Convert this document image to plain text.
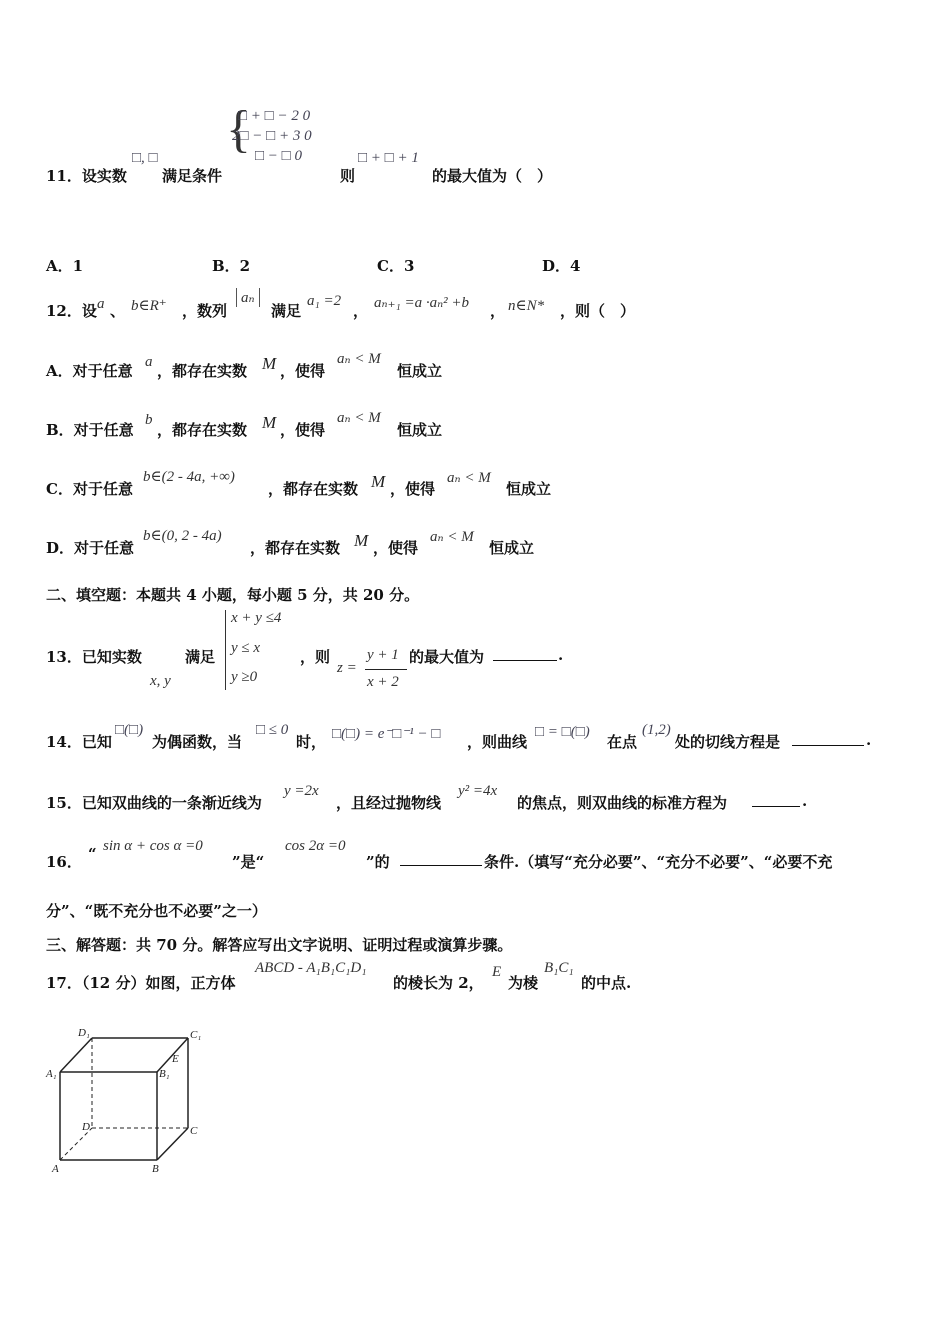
{
□ + □ − 2 0
2□ − □ + 3 0
□ − □ 0
11．设实数
□, □
满足条件	则
□ + □ + 1
的最大值为（　）
A．1	B．2	C．3	D．4
12．设 a 、 b∈R⁺ ，数列
aₙ
满足
a₁ =2
， aₙ₊₁ =a ·aₙ² +b ， n∈N* ，则（　）
A．对于任意 a ，都存在实数 M ，使得
aₙ < M
恒成立
B．对于任意
b
，都存在实数 M ，使得
aₙ < M
恒成立
C．对于任意
b∈(2 - 4a, +∞)
，都存在实数 M ，使得
aₙ < M
恒成立
D．对于任意
b∈(0, 2 - 4a)
，都存在实数 M ，使得
aₙ < M
恒成立
二、填空题：本题共 4 小题，每小题 5 分，共 20 分。
13．已知实数
x, y
满足
x + y ≤4
y ≤ x
y ≥0
，则
z =
y + 1
x + 2
的最大值为	.
14．已知
□(□)
为偶函数，当
□ ≤ 0
时， □(□) = e⁻□⁻¹ − □ ，则曲线
□ = □(□)
在点
(1,2)
处的切线方程是	.
15．已知双曲线的一条渐近线为
y =2x
，且经过抛物线
y² =4x
的焦点，则双曲线的标准方程为	.
16． “ sin α + cos α =0
”是“
cos 2α =0
”的	条件.（填写“充分必要”、“充分不必要”、“必要不充
分”、“既不充分也不必要”之一）
三、解答题：共 70 分。解答应写出文字说明、证明过程或演算步骤。
17．（12 分）如图，正方体
ABCD - A₁B₁C₁D₁
的棱长为 2，
E
为棱
B₁C₁
的中点.
D₁	C₁
A₁	B₁
E
D	C
A	B
